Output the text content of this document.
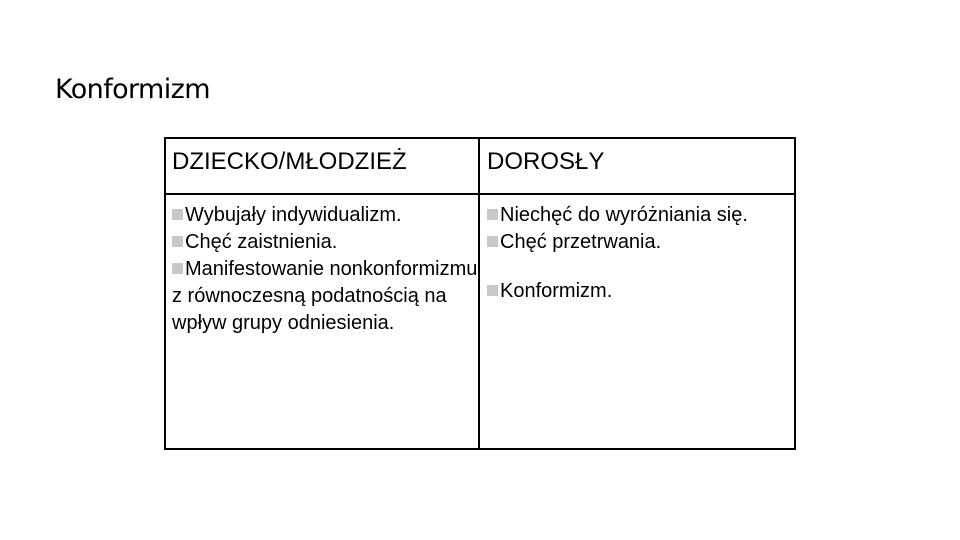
Konformizm
DZIECKO/MŁODZIEŻ	DOROSŁY
Wybujały indywidualizm.
Chęć zaistnienia.
Manifestowanie nonkonformizmu z równoczesną podatnością na wpływ grupy odniesienia.
Niechęć do wyróżniania się.
Chęć przetrwania.
Konformizm.
